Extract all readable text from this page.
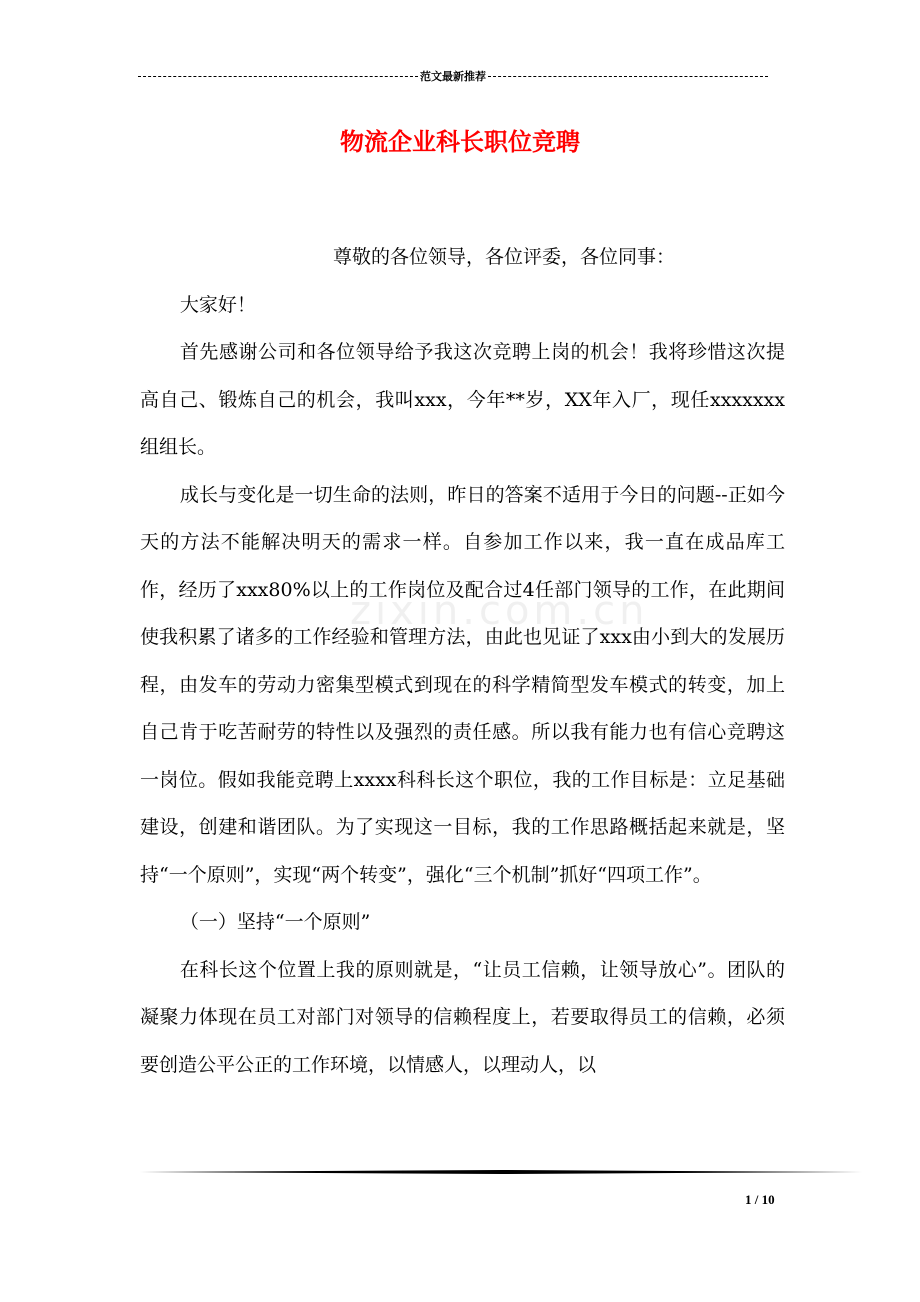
范文最新推荐
物流企业科长职位竞聘
zixin.com.cn

尊敬的各位领导，各位评委，各位同事：

大家好！

首先感谢公司和各位领导给予我这次竞聘上岗的机会！我将珍惜这次提高自己、锻炼自己的机会，我叫xxx，今年**岁，XX年入厂，现任xxxxxxx组组长。

成长与变化是一切生命的法则，昨日的答案不适用于今日的问题--正如今天的方法不能解决明天的需求一样。自参加工作以来，我一直在成品库工作，经历了xxx80%以上的工作岗位及配合过4任部门领导的工作，在此期间使我积累了诸多的工作经验和管理方法，由此也见证了xxx由小到大的发展历程，由发车的劳动力密集型模式到现在的科学精简型发车模式的转变，加上自己肯于吃苦耐劳的特性以及强烈的责任感。所以我有能力也有信心竞聘这一岗位。假如我能竞聘上xxxx科科长这个职位，我的工作目标是：立足基础建设，创建和谐团队。为了实现这一目标，我的工作思路概括起来就是，坚持“一个原则”，实现“两个转变”，强化“三个机制”抓好“四项工作”。

（一）坚持“一个原则”

在科长这个位置上我的原则就是，“让员工信赖，让领导放心”。团队的凝聚力体现在员工对部门对领导的信赖程度上，若要取得员工的信赖，必须要创造公平公正的工作环境，以情感人，以理动人，以

1 / 10
